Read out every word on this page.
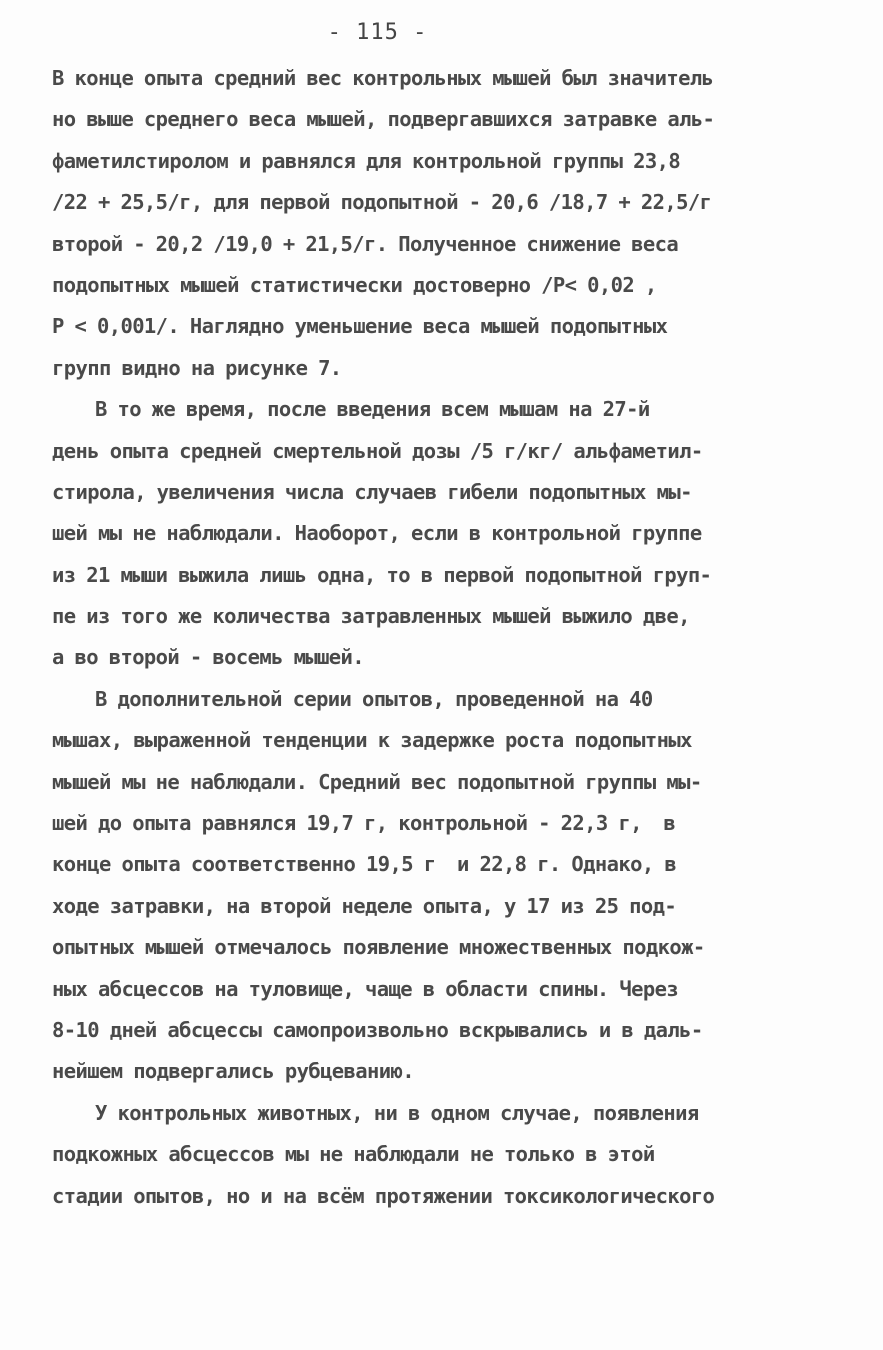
- 115 -
В конце опыта средний вес контрольных мышей был значитель
но выше среднего веса мышей, подвергавшихся затравке аль-
фаметилстиролом и равнялся для контрольной группы 23,8
/22 + 25,5/г, для первой подопытной - 20,6 /18,7 + 22,5/г
второй - 20,2 /19,0 + 21,5/г. Полученное снижение веса
подопытных мышей статистически достоверно /P< 0,02 ,
P < 0,001/. Наглядно уменьшение веса мышей подопытных
групп видно на рисунке 7.
В то же время, после введения всем мышам на 27-й
день опыта средней смертельной дозы /5 г/кг/ альфаметил-
стирола, увеличения числа случаев гибели подопытных мы-
шей мы не наблюдали. Наоборот, если в контрольной группе
из 21 мыши выжила лишь одна, то в первой подопытной груп-
пе из того же количества затравленных мышей выжило две,
а во второй - восемь мышей.
В дополнительной серии опытов, проведенной на 40
мышах, выраженной тенденции к задержке роста подопытных
мышей мы не наблюдали. Средний вес подопытной группы мы-
шей до опыта равнялся 19,7 г, контрольной - 22,3 г,  в
конце опыта соответственно 19,5 г  и 22,8 г. Однако, в
ходе затравки, на второй неделе опыта, у 17 из 25 под-
опытных мышей отмечалось появление множественных подкож-
ных абсцессов на туловище, чаще в области спины. Через
8-10 дней абсцессы самопроизвольно вскрывались и в даль-
нейшем подвергались рубцеванию.
У контрольных животных, ни в одном случае, появления
подкожных абсцессов мы не наблюдали не только в этой
стадии опытов, но и на всём протяжении токсикологического
